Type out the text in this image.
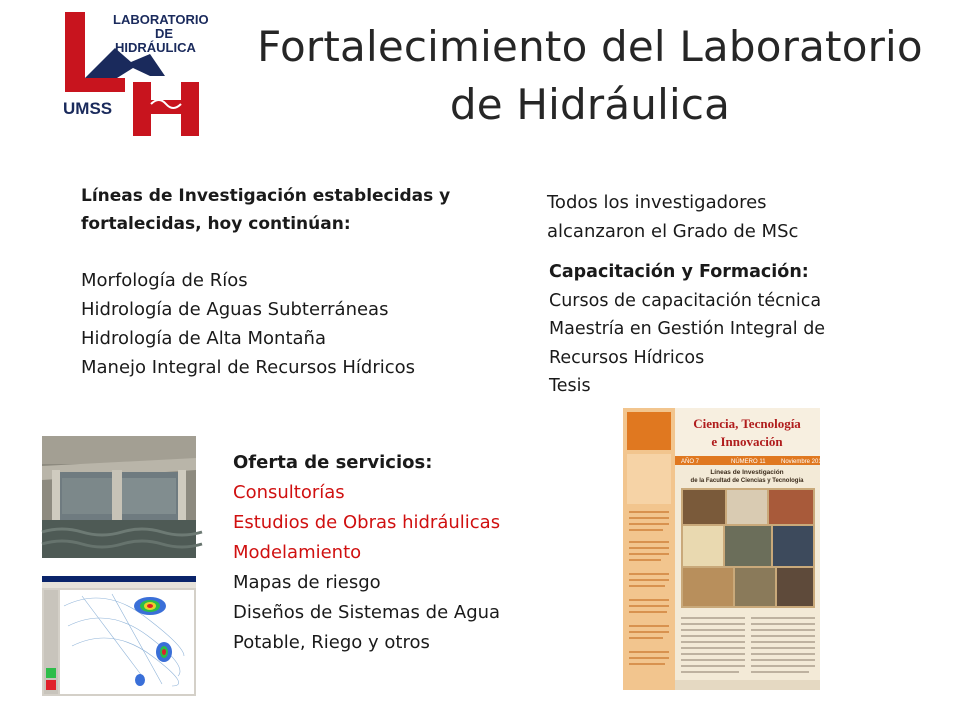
UMSS
LABORATORIO
DE
HIDRÁULICA	Fortalecimiento del Laboratorio
de Hidráulica
Líneas de Investigación establecidas y
fortalecidas, hoy continúan:
Morfología de Ríos
Hidrología de Aguas Subterráneas
Hidrología de Alta Montaña
Manejo Integral de Recursos Hídricos
Todos los investigadores
alcanzaron el Grado de MSc
Capacitación y Formación:
Cursos de capacitación técnica
Maestría en Gestión Integral de
Recursos Hídricos
Tesis
Oferta de servicios:
Consultorías
Estudios de Obras hidráulicas
Modelamiento
Mapas de riesgo
Diseños de Sistemas de Agua
Potable, Riego y otros
Ciencia, Tecnología
e Innovación
AÑO 7	NÚMERO 11	Noviembre 2011
Líneas de Investigación
de la Facultad de Ciencias y Tecnología
